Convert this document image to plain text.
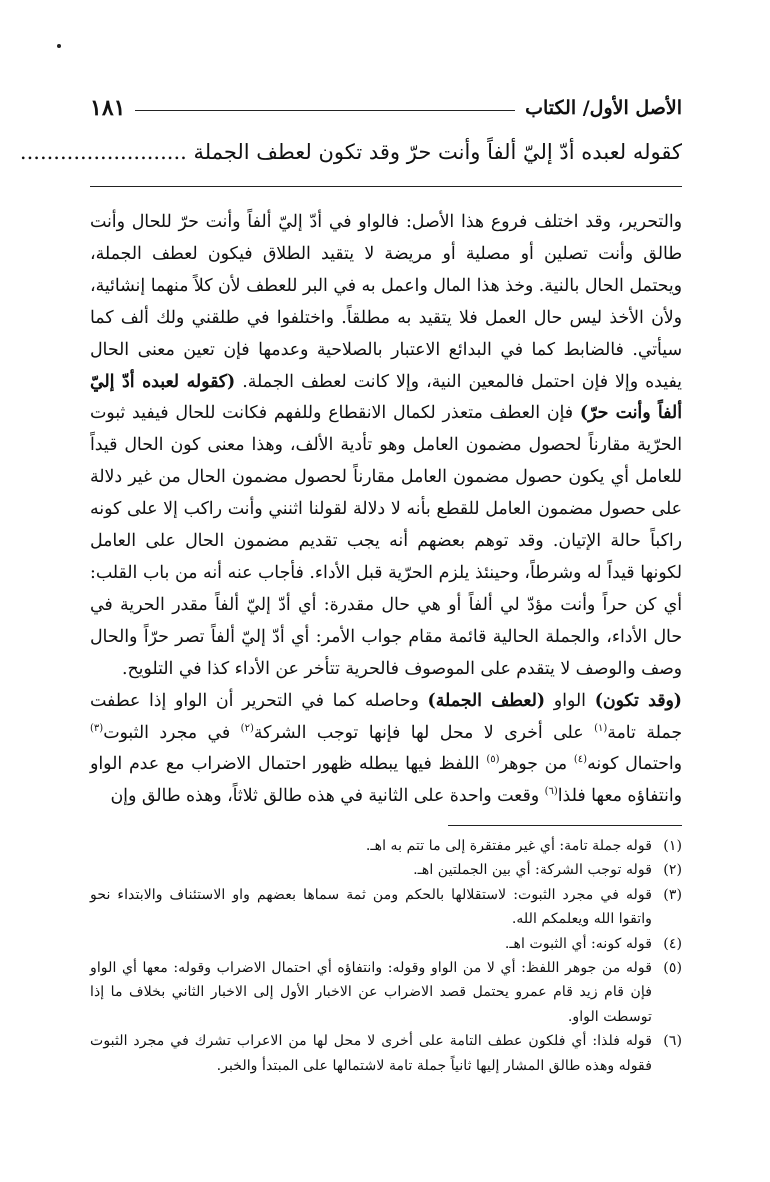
الأصل الأول/ الكتاب
١٨١
كقوله لعبده أدّ إليّ ألفاً وأنت حرّ وقد تكون لعطف الجملة .........................

والتحرير، وقد اختلف فروع هذا الأصل: فالواو في أدّ إليّ ألفاً وأنت حرّ للحال وأنت طالق وأنت تصلين أو مصلية أو مريضة لا يتقيد الطلاق فيكون لعطف الجملة، ويحتمل الحال بالنية. وخذ هذا المال واعمل به في البر للعطف لأن كلاً منهما إنشائية، ولأن الأخذ ليس حال العمل فلا يتقيد به مطلقاً. واختلفوا في طلقني ولك ألف كما سيأتي. فالضابط كما في البدائع الاعتبار بالصلاحية وعدمها فإن تعين معنى الحال يفيده وإلا فإن احتمل فالمعين النية، وإلا كانت لعطف الجملة. (كقوله لعبده أدّ إليّ ألفاً وأنت حرّ) فإن العطف متعذر لكمال الانقطاع وللفهم فكانت للحال فيفيد ثبوت الحرّية مقارناً لحصول مضمون العامل وهو تأدية الألف، وهذا معنى كون الحال قيداً للعامل أي يكون حصول مضمون العامل مقارناً لحصول مضمون الحال من غير دلالة على حصول مضمون العامل للقطع بأنه لا دلالة لقولنا اثنني وأنت راكب إلا على كونه راكباً حالة الإتيان. وقد توهم بعضهم أنه يجب تقديم مضمون الحال على العامل لكونها قيداً له وشرطاً، وحينئذ يلزم الحرّية قبل الأداء. فأجاب عنه أنه من باب القلب: أي كن حراً وأنت مؤدّ لي ألفاً أو هي حال مقدرة: أي أدّ إليّ ألفاً مقدر الحرية في حال الأداء، والجملة الحالية قائمة مقام جواب الأمر: أي أدّ إليّ ألفاً تصر حرّاً والحال وصف والوصف لا يتقدم على الموصوف فالحرية تتأخر عن الأداء كذا في التلويح.

(وقد تكون) الواو (لعطف الجملة) وحاصله كما في التحرير أن الواو إذا عطفت جملة تامة$^{(١)}$ على أخرى لا محل لها فإنها توجب الشركة$^{(٢)}$ في مجرد الثبوت$^{(٣)}$ واحتمال كونه$^{(٤)}$ من جوهر$^{(٥)}$ اللفظ فيها يبطله ظهور احتمال الاضراب مع عدم الواو وانتفاؤه معها فلذا$^{(٦)}$ وقعت واحدة على الثانية في هذه طالق ثلاثاً، وهذه طالق وإن

(١)
قوله جملة تامة: أي غير مفتقرة إلى ما تتم به اهـ.

(٢)
قوله توجب الشركة: أي بين الجملتين اهـ.

(٣)
قوله في مجرد الثبوت: لاستقلالها بالحكم ومن ثمة سماها بعضهم واو الاستئناف والابتداء نحو واتقوا الله ويعلمكم الله.

(٤)
قوله كونه: أي الثبوت اهـ.

(٥)
قوله من جوهر اللفظ: أي لا من الواو وقوله: وانتفاؤه أي احتمال الاضراب وقوله: معها أي الواو فإن قام زيد قام عمرو يحتمل قصد الاضراب عن الاخبار الأول إلى الاخبار الثاني بخلاف ما إذا توسطت الواو.

(٦)
قوله فلذا: أي فلكون عطف التامة على أخرى لا محل لها من الاعراب تشرك في مجرد الثبوت فقوله وهذه طالق المشار إليها ثانياً جملة تامة لاشتمالها على المبتدأ والخبر.
